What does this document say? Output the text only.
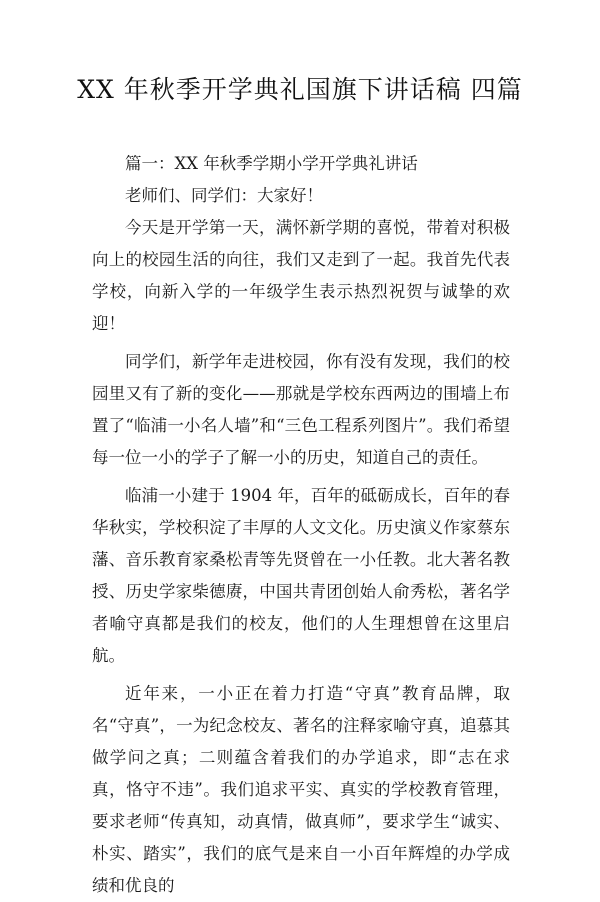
XX 年秋季开学典礼国旗下讲话稿 四篇

篇一：XX 年秋季学期小学开学典礼讲话

老师们、同学们：大家好！

今天是开学第一天，满怀新学期的喜悦，带着对积极向上的校园生活的向往，我们又走到了一起。我首先代表学校，向新入学的一年级学生表示热烈祝贺与诚挚的欢迎！

同学们，新学年走进校园，你有没有发现，我们的校园里又有了新的变化——那就是学校东西两边的围墙上布置了“临浦一小名人墙”和“三色工程系列图片”。我们希望每一位一小的学子了解一小的历史，知道自己的责任。

临浦一小建于 1904 年，百年的砥砺成长，百年的春华秋实，学校积淀了丰厚的人文文化。历史演义作家蔡东藩、音乐教育家桑松青等先贤曾在一小任教。北大著名教授、历史学家柴德赓，中国共青团创始人俞秀松，著名学者喻守真都是我们的校友，他们的人生理想曾在这里启航。

近年来，一小正在着力打造“守真”教育品牌，取名“守真”，一为纪念校友、著名的注释家喻守真，追慕其做学问之真；二则蕴含着我们的办学追求，即“志在求真，恪守不违”。我们追求平实、真实的学校教育管理，要求老师“传真知，动真情，做真师”，要求学生“诚实、朴实、踏实”，我们的底气是来自一小百年辉煌的办学成绩和优良的
